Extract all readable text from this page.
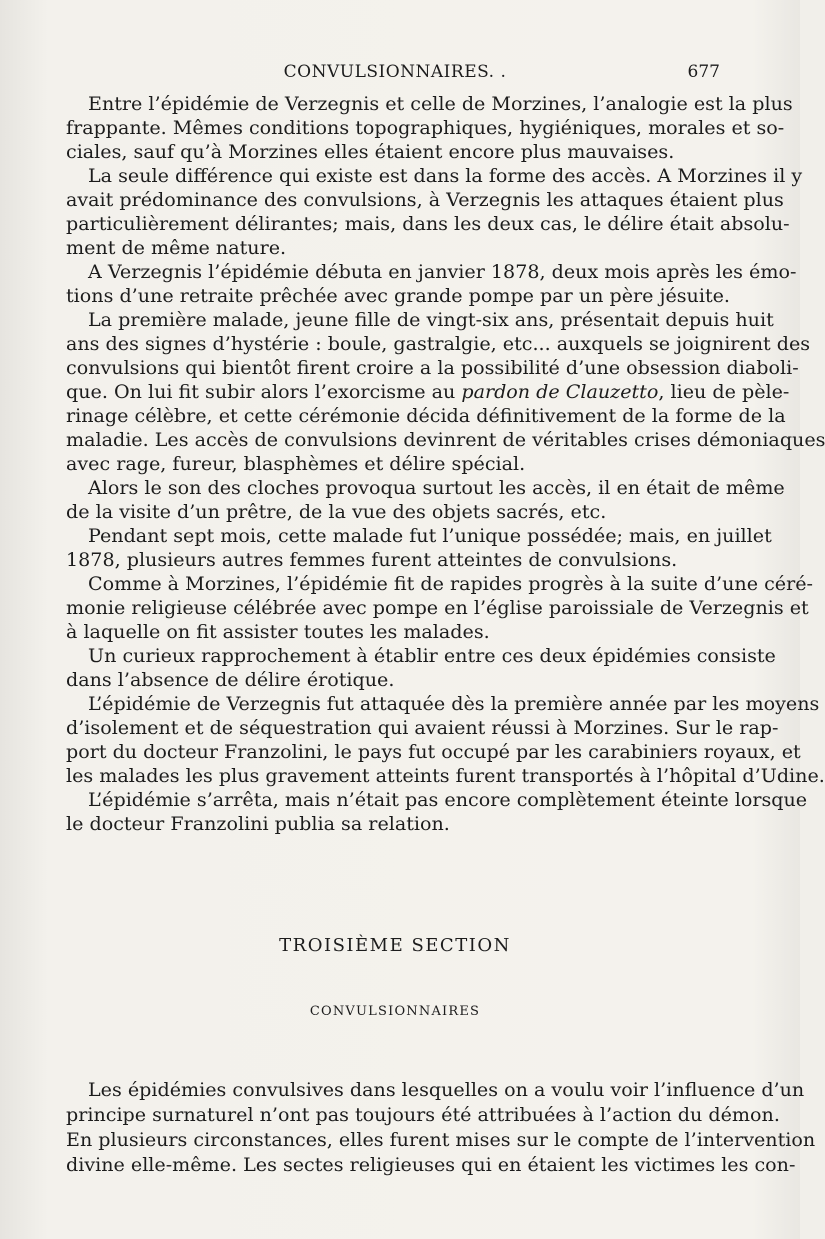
CONVULSIONNAIRES. .	677
Entre l’épidémie de Verzegnis et celle de Morzines, l’analogie est la plus
frappante. Mêmes conditions topographiques, hygiéniques, morales et so-
ciales, sauf qu’à Morzines elles étaient encore plus mauvaises.
La seule différence qui existe est dans la forme des accès. A Morzines il y
avait prédominance des convulsions, à Verzegnis les attaques étaient plus
particulièrement délirantes; mais, dans les deux cas, le délire était absolu-
ment de même nature.
A Verzegnis l’épidémie débuta en janvier 1878, deux mois après les émo-
tions d’une retraite prêchée avec grande pompe par un père jésuite.
La première malade, jeune fille de vingt-six ans, présentait depuis huit
ans des signes d’hystérie : boule, gastralgie, etc... auxquels se joignirent des
convulsions qui bientôt firent croire a la possibilité d’une obsession diaboli-
que. On lui fit subir alors l’exorcisme au pardon de Clauzetto, lieu de pèle-
rinage célèbre, et cette cérémonie décida définitivement de la forme de la
maladie. Les accès de convulsions devinrent de véritables crises démoniaques
avec rage, fureur, blasphèmes et délire spécial.
Alors le son des cloches provoqua surtout les accès, il en était de même
de la visite d’un prêtre, de la vue des objets sacrés, etc.
Pendant sept mois, cette malade fut l’unique possédée; mais, en juillet
1878, plusieurs autres femmes furent atteintes de convulsions.
Comme à Morzines, l’épidémie fit de rapides progrès à la suite d’une céré-
monie religieuse célébrée avec pompe en l’église paroissiale de Verzegnis et
à laquelle on fit assister toutes les malades.
Un curieux rapprochement à établir entre ces deux épidémies consiste
dans l’absence de délire érotique.
L’épidémie de Verzegnis fut attaquée dès la première année par les moyens
d’isolement et de séquestration qui avaient réussi à Morzines. Sur le rap-
port du docteur Franzolini, le pays fut occupé par les carabiniers royaux, et
les malades les plus gravement atteints furent transportés à l’hôpital d’Udine.
L’épidémie s’arrêta, mais n’était pas encore complètement éteinte lorsque
le docteur Franzolini publia sa relation.
TROISIÈME SECTION
CONVULSIONNAIRES
Les épidémies convulsives dans lesquelles on a voulu voir l’influence d’un
principe surnaturel n’ont pas toujours été attribuées à l’action du démon.
En plusieurs circonstances, elles furent mises sur le compte de l’intervention
divine elle-même. Les sectes religieuses qui en étaient les victimes les con-
